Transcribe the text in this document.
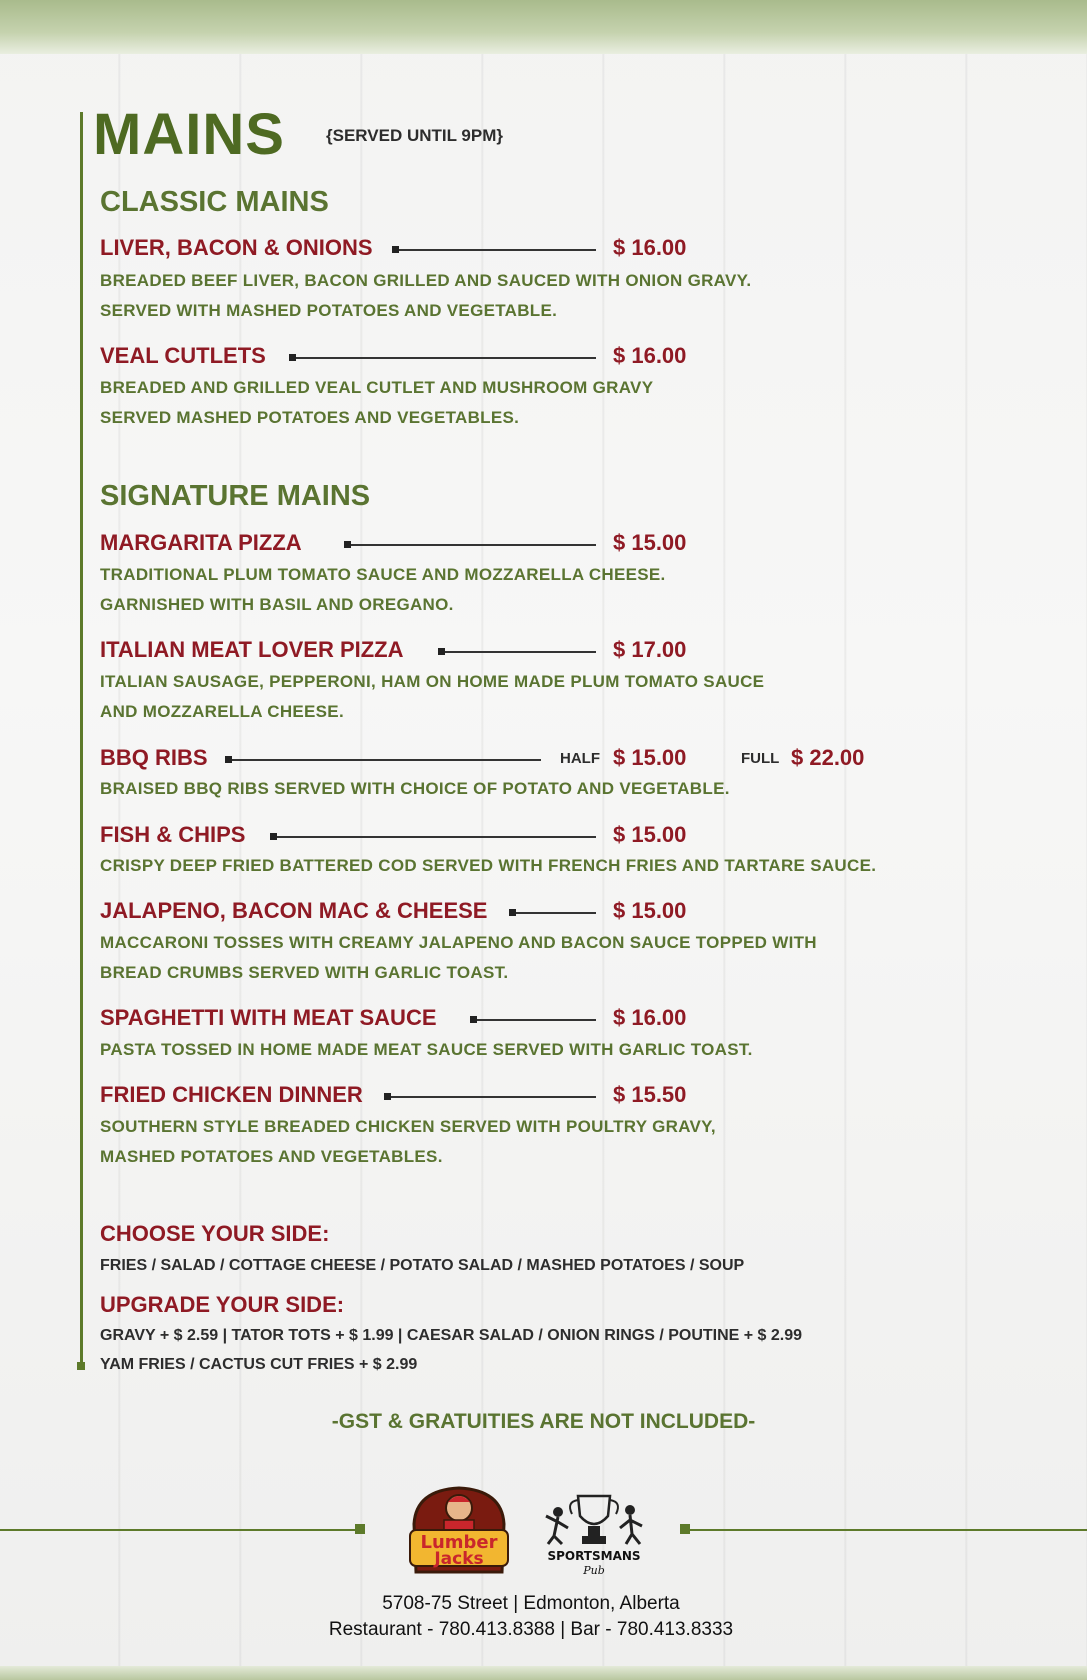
MAINS {SERVED UNTIL 9PM}
CLASSIC MAINS
LIVER, BACON & ONIONS	$ 16.00
BREADED BEEF LIVER, BACON GRILLED AND SAUCED WITH ONION GRAVY.
SERVED WITH MASHED POTATOES AND VEGETABLE.
VEAL CUTLETS	$ 16.00
BREADED AND GRILLED VEAL CUTLET AND MUSHROOM GRAVY
SERVED MASHED POTATOES AND VEGETABLES.
SIGNATURE MAINS
MARGARITA PIZZA	$ 15.00
TRADITIONAL PLUM TOMATO SAUCE AND MOZZARELLA CHEESE.
GARNISHED WITH BASIL AND OREGANO.
ITALIAN MEAT LOVER PIZZA	$ 17.00
ITALIAN SAUSAGE, PEPPERONI, HAM ON HOME MADE PLUM TOMATO SAUCE
AND MOZZARELLA CHEESE.
BBQ RIBS	HALF $ 15.00	FULL $ 22.00
BRAISED BBQ RIBS SERVED WITH CHOICE OF POTATO AND VEGETABLE.
FISH & CHIPS	$ 15.00
CRISPY DEEP FRIED BATTERED COD SERVED WITH FRENCH FRIES AND TARTARE SAUCE.
JALAPENO, BACON MAC & CHEESE	$ 15.00
MACCARONI TOSSES WITH CREAMY JALAPENO AND BACON SAUCE TOPPED WITH
BREAD CRUMBS SERVED WITH GARLIC TOAST.
SPAGHETTI WITH MEAT SAUCE	$ 16.00
PASTA TOSSED IN HOME MADE MEAT SAUCE SERVED WITH GARLIC TOAST.
FRIED CHICKEN DINNER	$ 15.50
SOUTHERN STYLE BREADED CHICKEN SERVED WITH POULTRY GRAVY,
MASHED POTATOES AND VEGETABLES.
CHOOSE YOUR SIDE:
FRIES / SALAD / COTTAGE CHEESE / POTATO SALAD / MASHED POTATOES / SOUP
UPGRADE YOUR SIDE:
GRAVY + $ 2.59 | TATOR TOTS + $ 1.99 | CAESAR SALAD / ONION RINGS / POUTINE + $ 2.99
YAM FRIES / CACTUS CUT FRIES + $ 2.99
-GST & GRATUITIES ARE NOT INCLUDED-
Lumber
Jacks	SPORTSMANS
Pub
5708-75 Street | Edmonton, Alberta
Restaurant - 780.413.8388 | Bar - 780.413.8333
